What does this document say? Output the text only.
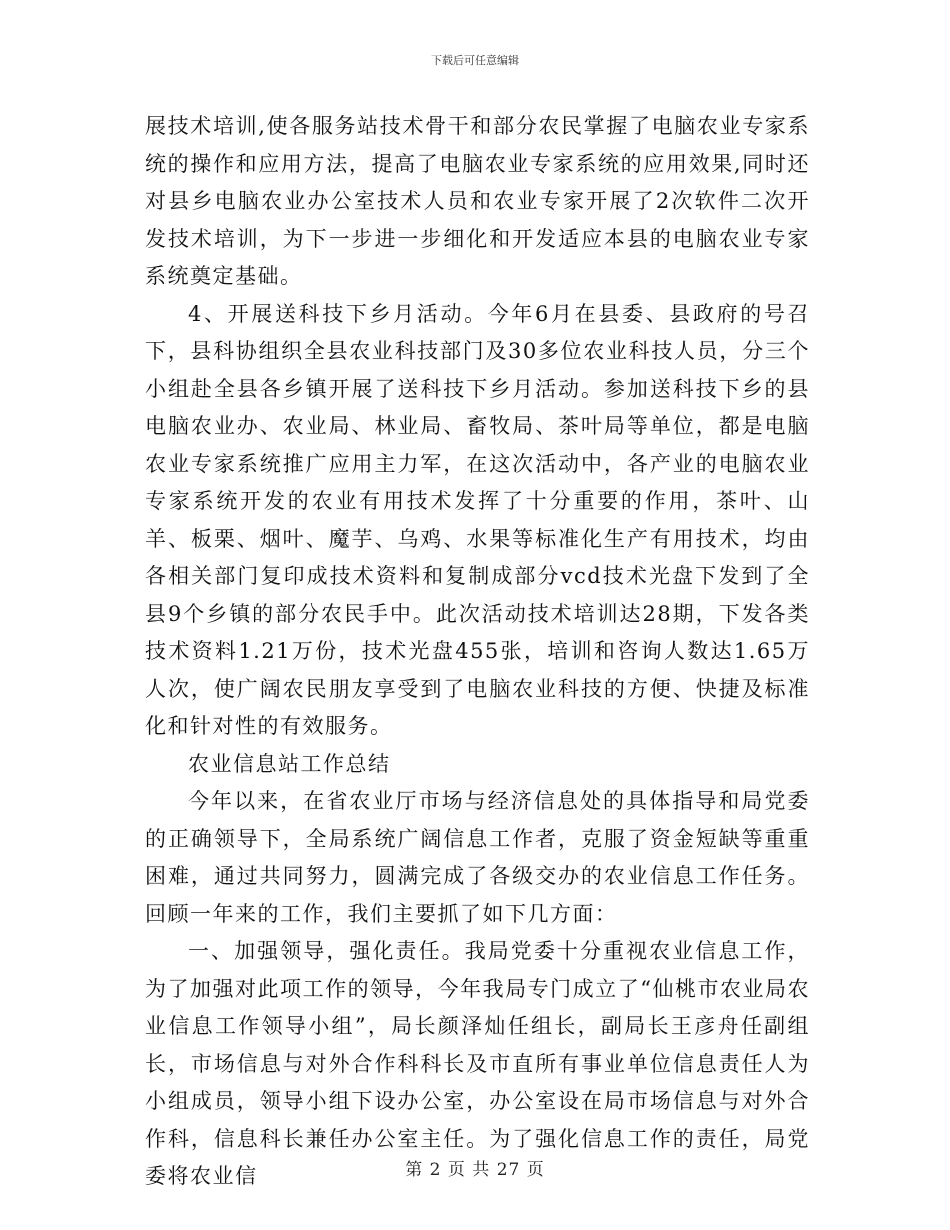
下载后可任意编辑

展技术培训,使各服务站技术骨干和部分农民掌握了电脑农业专家系统的操作和应用方法，提高了电脑农业专家系统的应用效果,同时还对县乡电脑农业办公室技术人员和农业专家开展了2次软件二次开发技术培训，为下一步进一步细化和开发适应本县的电脑农业专家系统奠定基础。

4、开展送科技下乡月活动。今年6月在县委、县政府的号召下，县科协组织全县农业科技部门及30多位农业科技人员，分三个小组赴全县各乡镇开展了送科技下乡月活动。参加送科技下乡的县电脑农业办、农业局、林业局、畜牧局、茶叶局等单位，都是电脑农业专家系统推广应用主力军，在这次活动中，各产业的电脑农业专家系统开发的农业有用技术发挥了十分重要的作用，茶叶、山羊、板栗、烟叶、魔芋、乌鸡、水果等标准化生产有用技术，均由各相关部门复印成技术资料和复制成部分vcd技术光盘下发到了全县9个乡镇的部分农民手中。此次活动技术培训达28期，下发各类技术资料1.21万份，技术光盘455张，培训和咨询人数达1.65万人次，使广阔农民朋友享受到了电脑农业科技的方便、快捷及标准化和针对性的有效服务。

农业信息站工作总结

今年以来，在省农业厅市场与经济信息处的具体指导和局党委的正确领导下，全局系统广阔信息工作者，克服了资金短缺等重重困难，通过共同努力，圆满完成了各级交办的农业信息工作任务。回顾一年来的工作，我们主要抓了如下几方面：

一、加强领导，强化责任。我局党委十分重视农业信息工作，为了加强对此项工作的领导，今年我局专门成立了“仙桃市农业局农业信息工作领导小组”，局长颜泽灿任组长，副局长王彦舟任副组长，市场信息与对外合作科科长及市直所有事业单位信息责任人为小组成员，领导小组下设办公室，办公室设在局市场信息与对外合作科，信息科长兼任办公室主任。为了强化信息工作的责任，局党委将农业信	第 2 页 共 27 页
